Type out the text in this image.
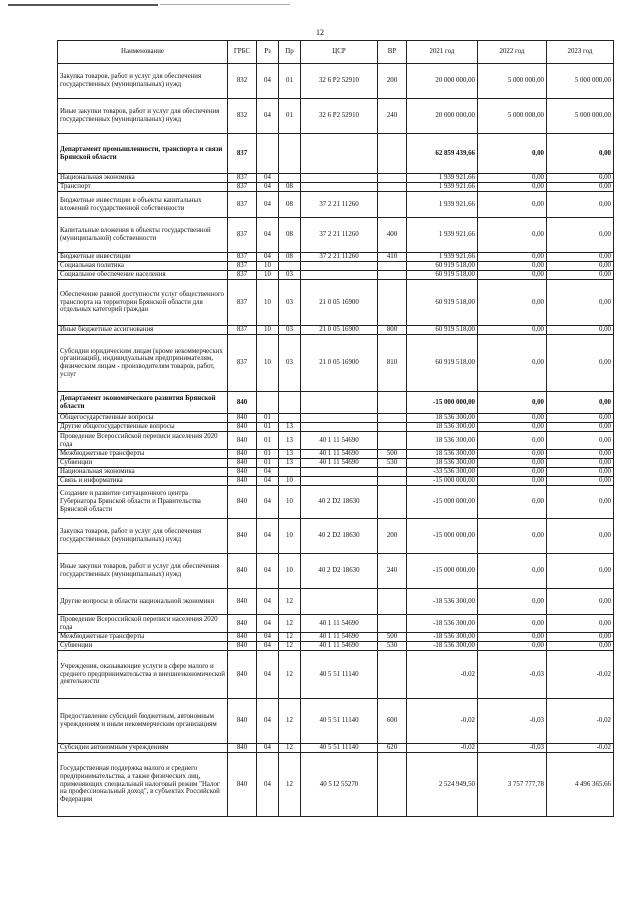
12
Наименование	ГРБС	Рз	Пр	ЦСР	ВР	2021 год	2022 год	2023 год
Закупка товаров, работ и услуг для обеспечения государственных (муниципальных) нужд	832	04	01	32 6 P2 52910	200	20 000 000,00	5 000 000,00	5 000 000,00
Иные закупки товаров, работ и услуг для обеспечения государственных (муниципальных) нужд	832	04	01	32 6 P2 52910	240	20 000 000,00	5 000 000,00	5 000 000,00
Департамент промышленности, транспорта и связи Брянской области	837					62 859 439,66	0,00	0,00
Национальная экономика	837	04				1 939 921,66	0,00	0,00
Транспорт	837	04	08			1 939 921,66	0,00	0,00
Бюджетные инвестиции в объекты капитальных вложений государственной собственности	837	04	08	37 2 21 11260		1 939 921,66	0,00	0,00
Капитальные вложения в объекты государственной (муниципальной) собственности	837	04	08	37 2 21 11260	400	1 939 921,66	0,00	0,00
Бюджетные инвестиции	837	04	08	37 2 21 11260	410	1 939 921,66	0,00	0,00
Социальная политика	837	10				60 919 518,00	0,00	0,00
Социальное обеспечение населения	837	10	03			60 919 518,00	0,00	0,00
Обеспечение равной доступности услуг общественного транспорта на территории Брянской области для отдельных категорий граждан	837	10	03	21 0 05 16900		60 919 518,00	0,00	0,00
Иные бюджетные ассигнования	837	10	03	21 0 05 16900	800	60 919 518,00	0,00	0,00
Субсидии юридическим лицам (кроме некоммерческих организаций), индивидуальным предпринимателям, физическим лицам - производителям товаров, работ, услуг	837	10	03	21 0 05 16900	810	60 919 518,00	0,00	0,00
Департамент экономического развития Брянской области	840					-15 000 000,00	0,00	0,00
Общегосударственные вопросы	840	01				18 536 300,00	0,00	0,00
Другие общегосударственные вопросы	840	01	13			18 536 300,00	0,00	0,00
Проведение Всероссийской переписи населения 2020 года	840	01	13	40 1 11 54690		18 536 300,00	0,00	0,00
Межбюджетные трансферты	840	01	13	40 1 11 54690	500	18 536 300,00	0,00	0,00
Субвенции	840	01	13	40 1 11 54690	530	18 536 300,00	0,00	0,00
Национальная экономика	840	04				-33 536 300,00	0,00	0,00
Связь и информатика	840	04	10			-15 000 000,00	0,00	0,00
Создание и развитие ситуационного центра Губернатора Брянской области и Правительства Брянской области	840	04	10	40 2 D2 18630		-15 000 000,00	0,00	0,00
Закупка товаров, работ и услуг для обеспечения государственных (муниципальных) нужд	840	04	10	40 2 D2 18630	200	-15 000 000,00	0,00	0,00
Иные закупки товаров, работ и услуг для обеспечения государственных (муниципальных) нужд	840	04	10	40 2 D2 18630	240	-15 000 000,00	0,00	0,00
Другие вопросы в области национальной экономики	840	04	12			-18 536 300,00	0,00	0,00
Проведение Всероссийской переписи населения 2020 года	840	04	12	40 1 11 54690		-18 536 300,00	0,00	0,00
Межбюджетные трансферты	840	04	12	40 1 11 54690	500	-18 536 300,00	0,00	0,00
Субвенции	840	04	12	40 1 11 54690	530	-18 536 300,00	0,00	0,00
Учреждения, оказывающие услуги в сфере малого и среднего предпринимательства и внешнеэкономической деятельности	840	04	12	40 5 51 11140		-0,02	-0,03	-0,02
Предоставление субсидий бюджетным, автономным учреждениям и иным некоммерческим организациям	840	04	12	40 5 51 11140	600	-0,02	-0,03	-0,02
Субсидии автономным учреждениям	840	04	12	40 5 51 11140	620	-0,02	-0,03	-0,02
Государственная поддержка малого и среднего предпринимательства, а также физических лиц, применяющих специальный налоговый режим "Налог на профессиональный доход", в субъектах Российской Федерации	840	04	12	40 5 I2 55270		2 524 949,50	3 757 777,78	4 496 365,66
